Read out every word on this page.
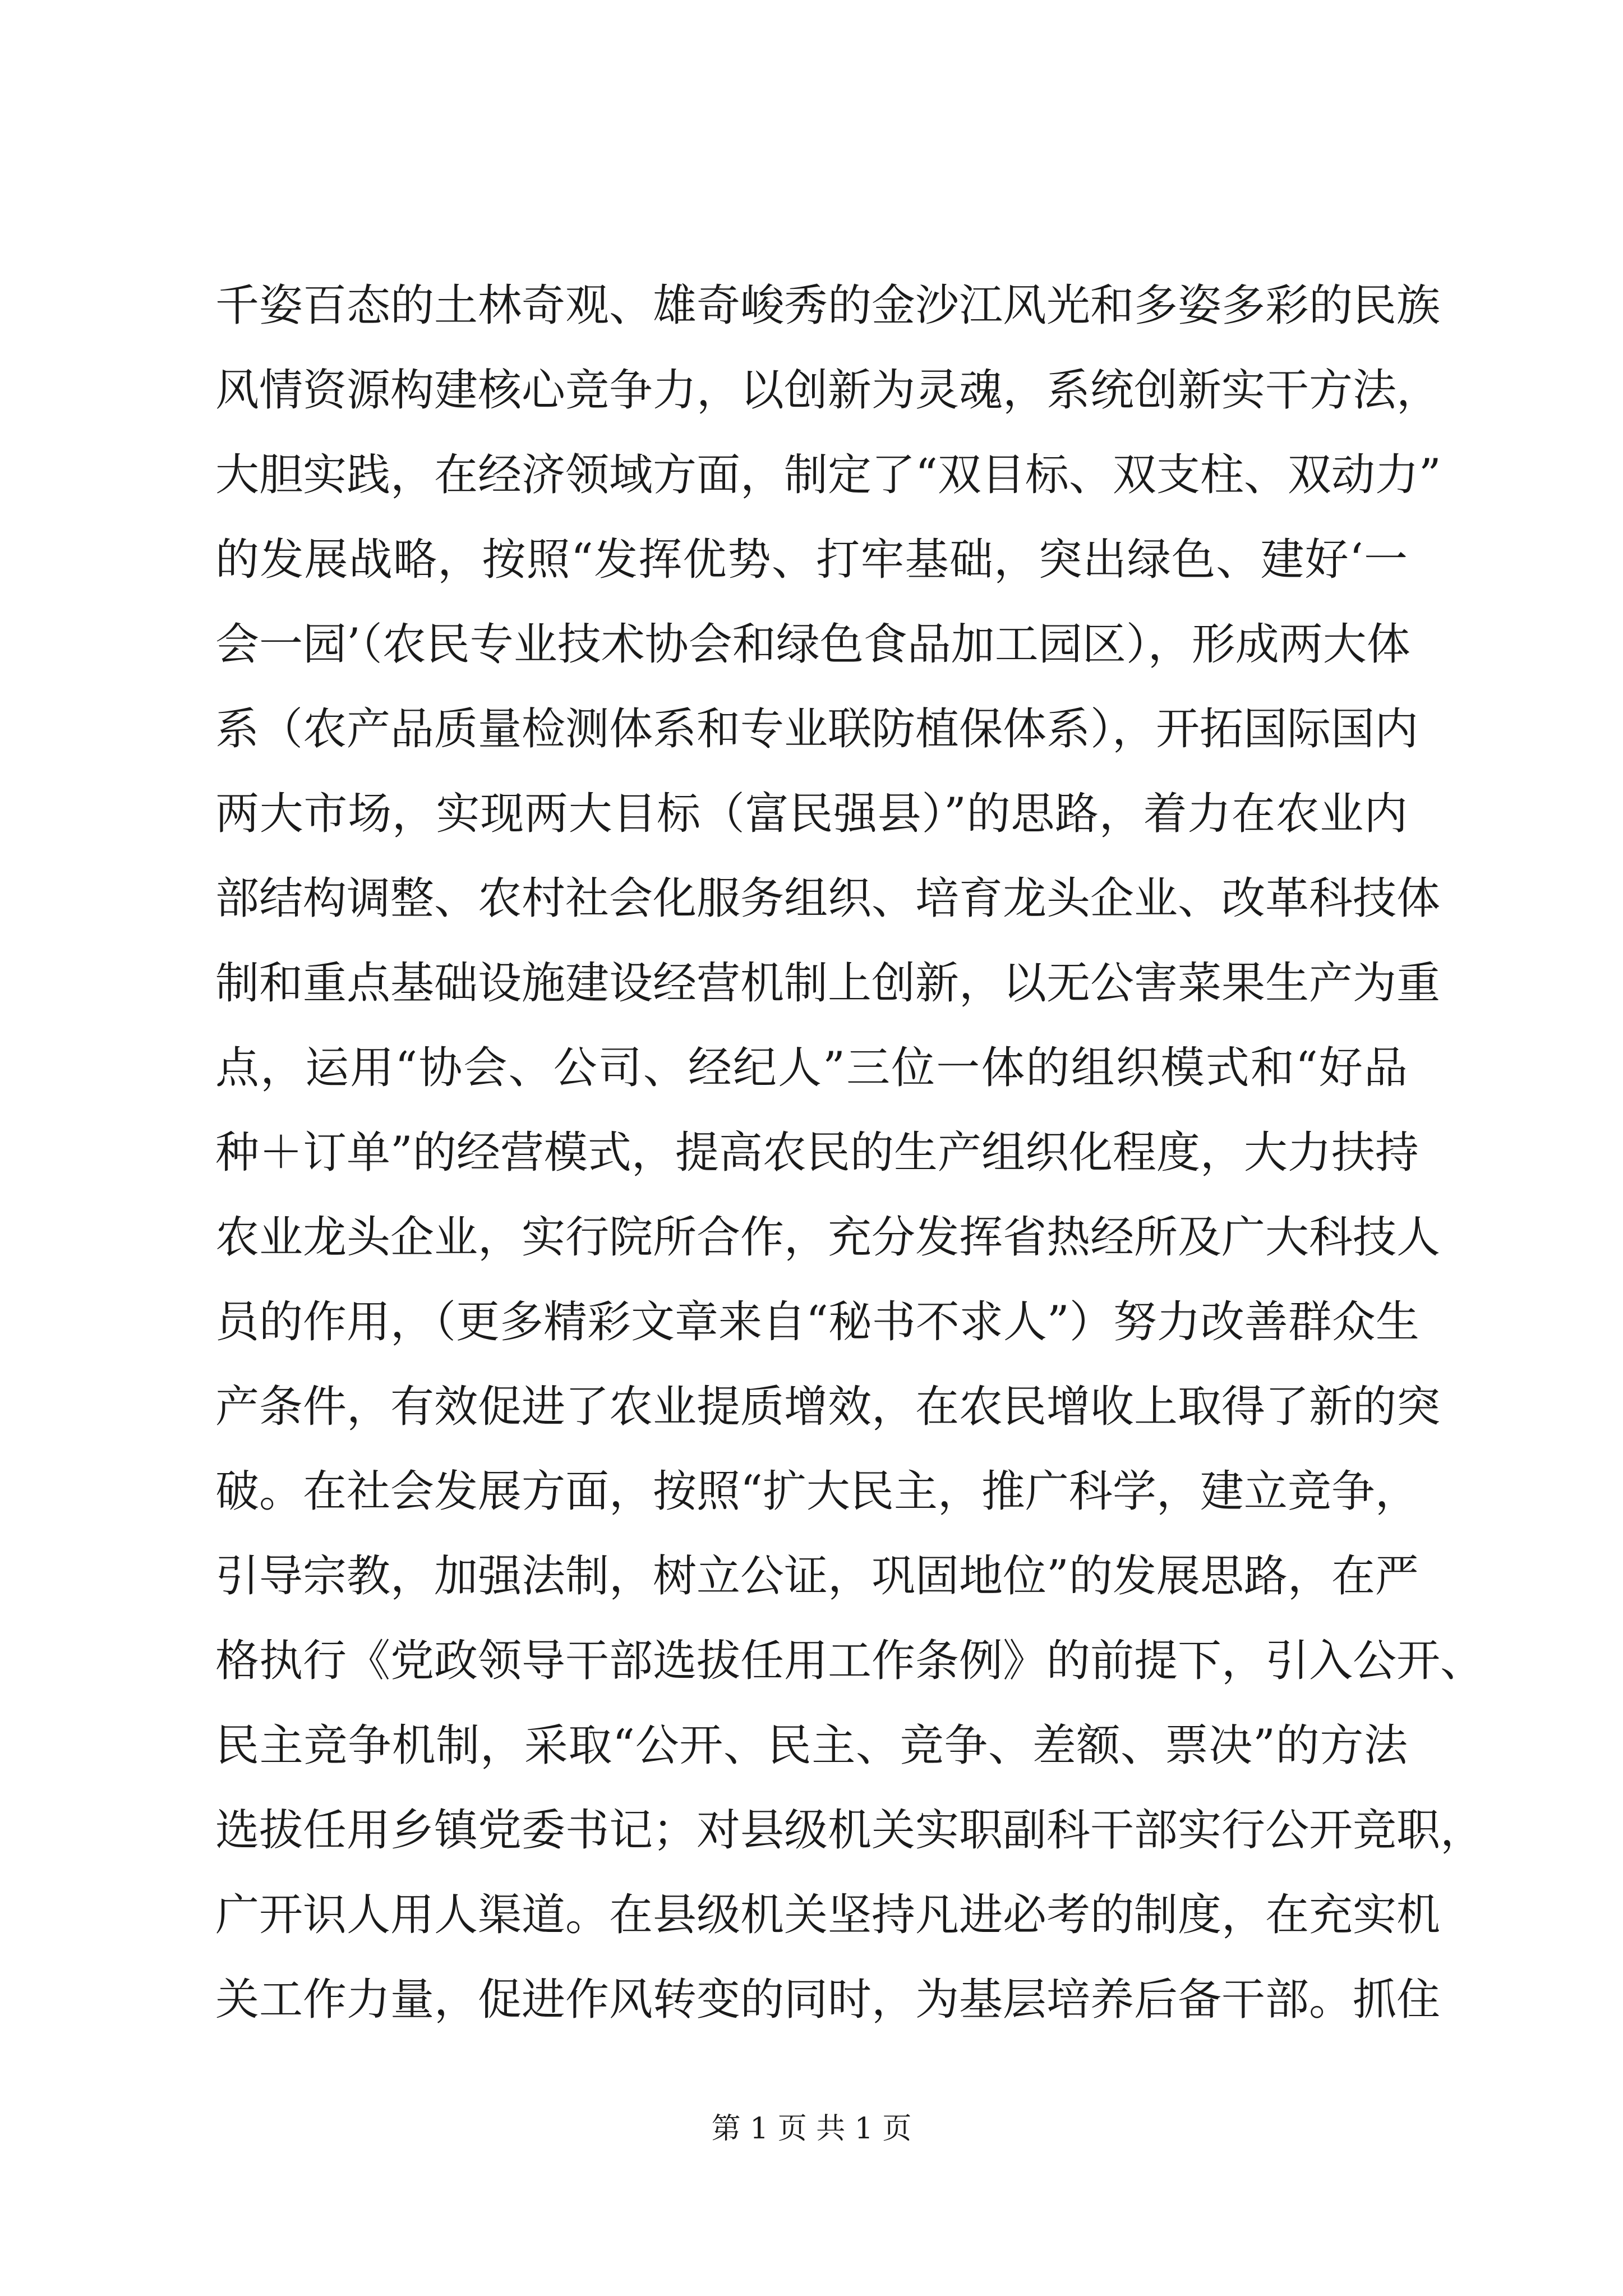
千姿百态的土林奇观、雄奇峻秀的金沙江风光和多姿多彩的民族
风情资源构建核心竞争力，以创新为灵魂，系统创新实干方法，
大胆实践，在经济领域方面，制定了“双目标、双支柱、双动力”
的发展战略，按照“发挥优势、打牢基础，突出绿色、建好‘一
会一园’（农民专业技术协会和绿色食品加工园区），形成两大体
系（农产品质量检测体系和专业联防植保体系），开拓国际国内
两大市场，实现两大目标（富民强县）”的思路，着力在农业内
部结构调整、农村社会化服务组织、培育龙头企业、改革科技体
制和重点基础设施建设经营机制上创新，以无公害菜果生产为重
点，运用“协会、公司、经纪人”三位一体的组织模式和“好品
种＋订单”的经营模式，提高农民的生产组织化程度，大力扶持
农业龙头企业，实行院所合作，充分发挥省热经所及广大科技人
员的作用，（更多精彩文章来自“秘书不求人”）努力改善群众生
产条件，有效促进了农业提质增效，在农民增收上取得了新的突
破。在社会发展方面，按照“扩大民主，推广科学，建立竞争，
引导宗教，加强法制，树立公证，巩固地位”的发展思路，在严
格执行《党政领导干部选拔任用工作条例》的前提下，引入公开、
民主竞争机制，采取“公开、民主、竞争、差额、票决”的方法
选拔任用乡镇党委书记；对县级机关实职副科干部实行公开竞职，
广开识人用人渠道。在县级机关坚持凡进必考的制度，在充实机
关工作力量，促进作风转变的同时，为基层培养后备干部。抓住
第 1 页 共 1 页
